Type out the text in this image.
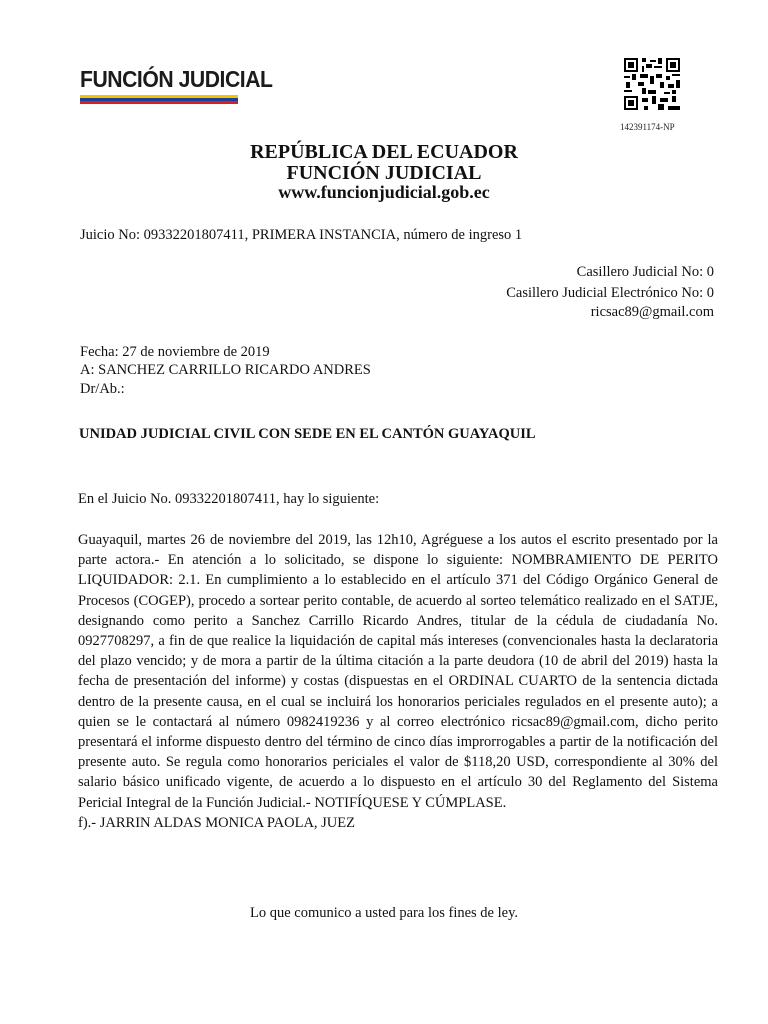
FUNCIÓN JUDICIAL
142391174-NP
REPÚBLICA DEL ECUADOR
FUNCIÓN JUDICIAL
www.funcionjudicial.gob.ec
Juicio No: 09332201807411, PRIMERA INSTANCIA, número de ingreso 1
Casillero Judicial No: 0
Casillero Judicial Electrónico No: 0
ricsac89@gmail.com
Fecha: 27 de noviembre de 2019
A: SANCHEZ CARRILLO RICARDO ANDRES
Dr/Ab.:
UNIDAD JUDICIAL CIVIL CON SEDE EN EL CANTÓN GUAYAQUIL
En el Juicio No. 09332201807411, hay lo siguiente:
Guayaquil, martes 26 de noviembre del 2019, las 12h10, Agréguese a los autos el escrito presentado por la parte actora.- En atención a lo solicitado, se dispone lo siguiente: NOMBRAMIENTO DE PERITO LIQUIDADOR: 2.1. En cumplimiento a lo establecido en el artículo 371 del Código Orgánico General de Procesos (COGEP), procedo a sortear perito contable, de acuerdo al sorteo telemático realizado en el SATJE, designando como perito a Sanchez Carrillo Ricardo Andres, titular de la cédula de ciudadanía No. 0927708297, a fin de que realice la liquidación de capital más intereses (convencionales hasta la declaratoria del plazo vencido; y de mora a partir de la última citación a la parte deudora (10 de abril del 2019) hasta la fecha de presentación del informe) y costas (dispuestas en el ORDINAL CUARTO de la sentencia dictada dentro de la presente causa, en el cual se incluirá los honorarios periciales regulados en el presente auto); a quien se le contactará al número 0982419236 y al correo electrónico ricsac89@gmail.com, dicho perito presentará el informe dispuesto dentro del término de cinco días improrrogables a partir de la notificación del presente auto. Se regula como honorarios periciales el valor de $118,20 USD, correspondiente al 30% del salario básico unificado vigente, de acuerdo a lo dispuesto en el artículo 30 del Reglamento del Sistema Pericial Integral de la Función Judicial.- NOTIFÍQUESE Y CÚMPLASE.
f).- JARRIN ALDAS MONICA PAOLA, JUEZ
Lo que comunico a usted para los fines de ley.
